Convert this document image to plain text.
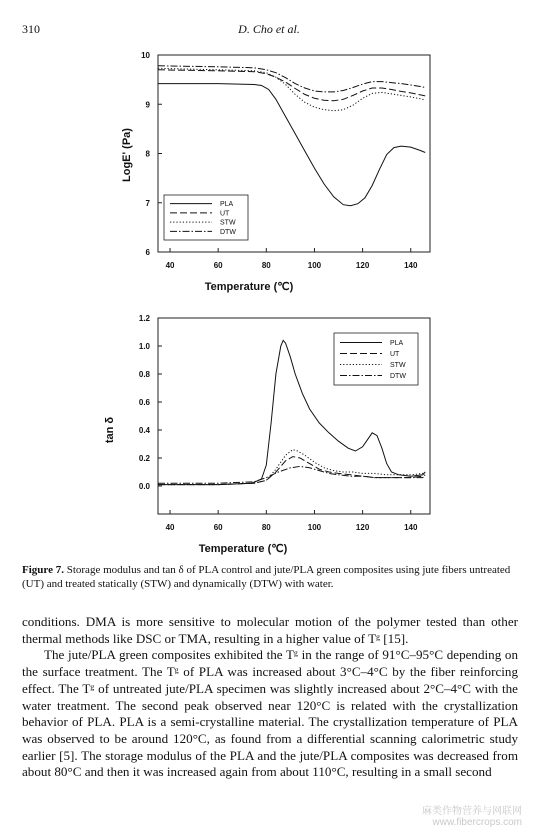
310	D. Cho et al.
6
7
8
9
10
40	60	80	100	120	140
Temperature (℃)
LogE' (Pa)
PLA
UT
STW
DTW
0.0
0.2
0.4
0.6
0.8
1.0
1.2
40	60	80	100	120	140
Temperature (℃)
tan δ
PLA
UT
STW
DTW
Figure 7. Storage modulus and tan δ of PLA control and jute/PLA green composites using jute fibers untreated (UT) and treated statically (STW) and dynamically (DTW) with water.

conditions. DMA is more sensitive to molecular motion of the polymer tested than other thermal methods like DSC or TMA, resulting in a higher value of Tᵍ [15].

The jute/PLA green composites exhibited the Tᵍ in the range of 91°C–95°C depending on the surface treatment. The Tᵍ of PLA was increased about 3°C–4°C by the fiber reinforcing effect. The Tᵍ of untreated jute/PLA specimen was slightly increased about 2°C–4°C with the water treatment. The second peak observed near 120°C is related with the crystallization behavior of PLA. PLA is a semi-crystalline material. The crystallization temperature of PLA was observed to be around 120°C, as found from a differential scanning calorimetric study earlier [5]. The storage modulus of the PLA and the jute/PLA composites was decreased from about 80°C and then it was increased again from about 110°C, resulting in a small second

麻类作物营养与网联网
www.fibercrops.com
